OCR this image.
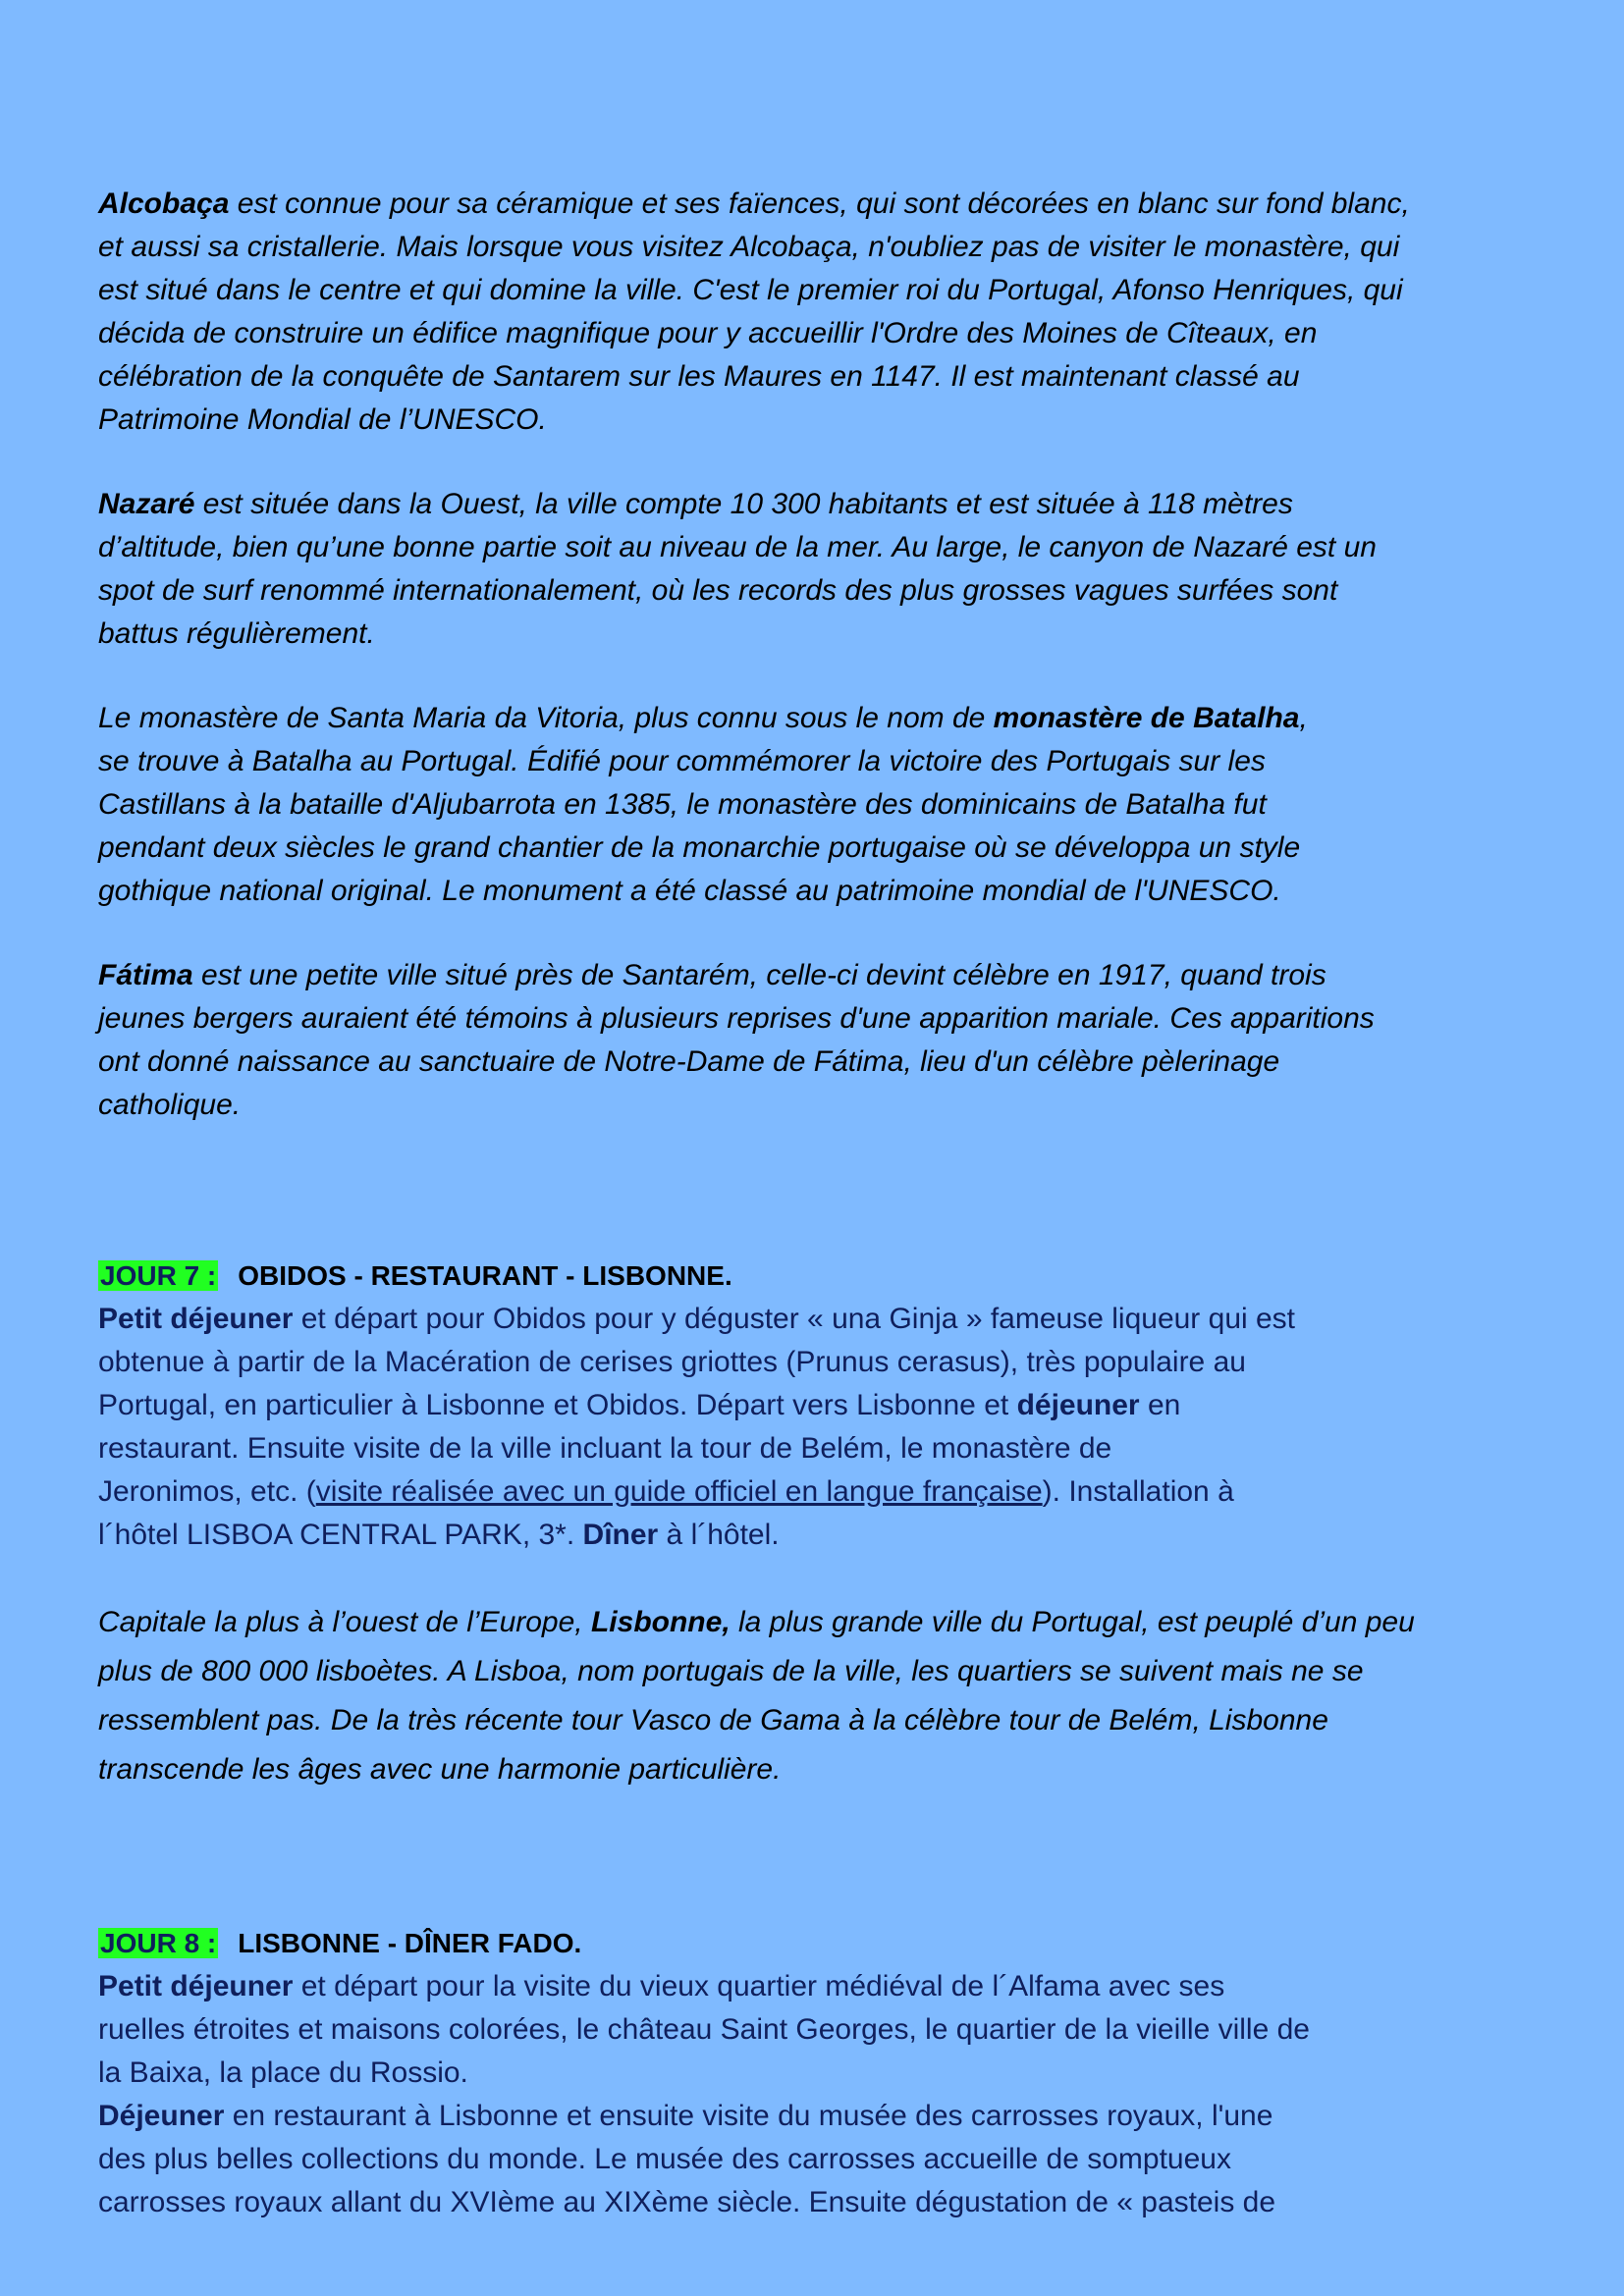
Alcobaça est connue pour sa céramique et ses faïences, qui sont décorées en blanc sur fond blanc,
et aussi sa cristallerie. Mais lorsque vous visitez Alcobaça, n'oubliez pas de visiter le monastère, qui
est situé dans le centre et qui domine la ville. C'est le premier roi du Portugal, Afonso Henriques, qui
décida de construire un édifice magnifique pour y accueillir l'Ordre des Moines de Cîteaux, en
célébration de la conquête de Santarem sur les Maures en 1147. Il est maintenant classé au
Patrimoine Mondial de l’UNESCO.

Nazaré est située dans la Ouest, la ville compte 10 300 habitants et est située à 118 mètres
d’altitude, bien qu’une bonne partie soit au niveau de la mer. Au large, le canyon de Nazaré est un
spot de surf renommé internationalement, où les records des plus grosses vagues surfées sont
battus régulièrement.

Le monastère de Santa Maria da Vitoria, plus connu sous le nom de monastère de Batalha,
se trouve à Batalha au Portugal. Édifié pour commémorer la victoire des Portugais sur les
Castillans à la bataille d'Aljubarrota en 1385, le monastère des dominicains de Batalha fut
pendant deux siècles le grand chantier de la monarchie portugaise où se développa un style
gothique national original. Le monument a été classé au patrimoine mondial de l'UNESCO.

Fátima est une petite ville situé près de Santarém, celle-ci devint célèbre en 1917, quand trois
jeunes bergers auraient été témoins à plusieurs reprises d'une apparition mariale. Ces apparitions
ont donné naissance au sanctuaire de Notre-Dame de Fátima, lieu d'un célèbre pèlerinage
catholique.

JOUR 7 : OBIDOS - RESTAURANT - LISBONNE.

Petit déjeuner et départ pour Obidos pour y déguster « una Ginja » fameuse liqueur qui est
obtenue à partir de la Macération de cerises griottes (Prunus cerasus), très populaire au
Portugal, en particulier à Lisbonne et Obidos. Départ vers Lisbonne et déjeuner en
restaurant. Ensuite visite de la ville incluant la tour de Belém, le monastère de
Jeronimos, etc. (visite réalisée avec un guide officiel en langue française). Installation à
l´hôtel LISBOA CENTRAL PARK, 3*. Dîner à l´hôtel.

Capitale la plus à l’ouest de l’Europe, Lisbonne, la plus grande ville du Portugal, est peuplé d’un peu
plus de 800 000 lisboètes. A Lisboa, nom portugais de la ville, les quartiers se suivent mais ne se
ressemblent pas. De la très récente tour Vasco de Gama à la célèbre tour de Belém, Lisbonne
transcende les âges avec une harmonie particulière.

JOUR 8 : LISBONNE - DÎNER FADO.

Petit déjeuner et départ pour la visite du vieux quartier médiéval de l´Alfama avec ses
ruelles étroites et maisons colorées, le château Saint Georges, le quartier de la vieille ville de
la Baixa, la place du Rossio.
Déjeuner en restaurant à Lisbonne et ensuite visite du musée des carrosses royaux, l'une
des plus belles collections du monde. Le musée des carrosses accueille de somptueux
carrosses royaux allant du XVIème au XIXème siècle. Ensuite dégustation de « pasteis de
